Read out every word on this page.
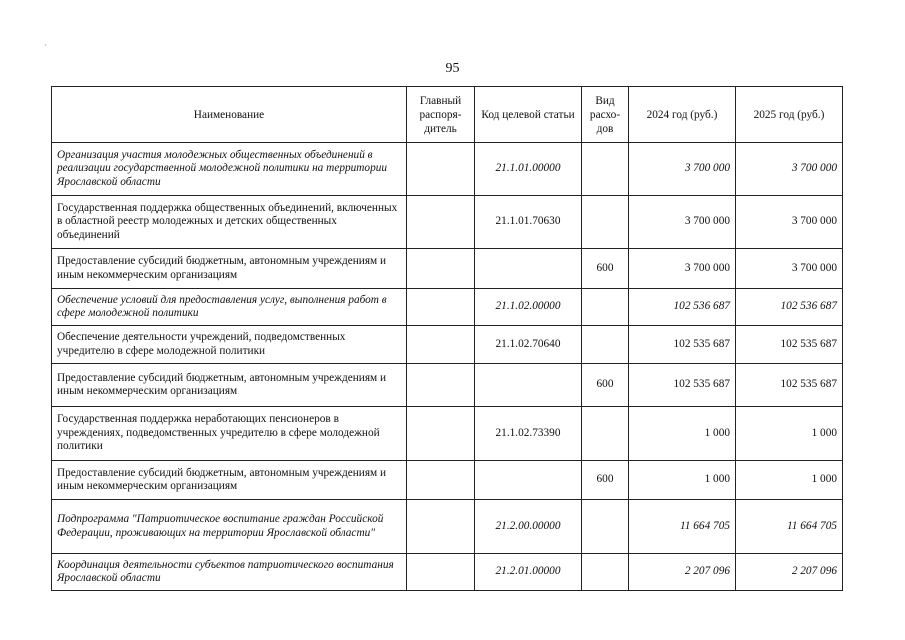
´
95
Наименование	Главный распоря-дитель	Код целевой статьи	Вид расхо-дов	2024 год (руб.)	2025 год (руб.)
Организация участия молодежных общественных объединений в реализации государственной молодежной политики на территории Ярославской области		21.1.01.00000		3 700 000	3 700 000
Государственная поддержка общественных объединений, включенных в областной реестр молодежных и детских общественных объединений		21.1.01.70630		3 700 000	3 700 000
Предоставление субсидий бюджетным, автономным учреждениям и иным некоммерческим организациям			600	3 700 000	3 700 000
Обеспечение условий для предоставления услуг, выполнения работ в сфере молодежной политики		21.1.02.00000		102 536 687	102 536 687
Обеспечение деятельности учреждений, подведомственных учредителю в сфере молодежной политики		21.1.02.70640		102 535 687	102 535 687
Предоставление субсидий бюджетным, автономным учреждениям и иным некоммерческим организациям			600	102 535 687	102 535 687
Государственная поддержка неработающих пенсионеров в учреждениях, подведомственных учредителю в сфере молодежной политики		21.1.02.73390		1 000	1 000
Предоставление субсидий бюджетным, автономным учреждениям и иным некоммерческим организациям			600	1 000	1 000
Подпрограмма "Патриотическое воспитание граждан Российской Федерации, проживающих на территории Ярославской области"		21.2.00.00000		11 664 705	11 664 705
Координация деятельности субъектов патриотического воспитания Ярославской области		21.2.01.00000		2 207 096	2 207 096
